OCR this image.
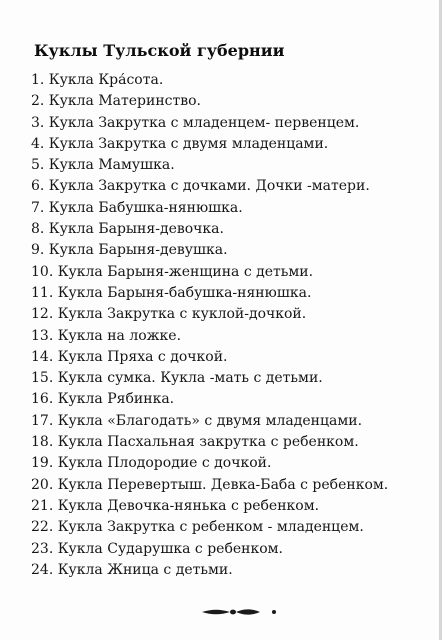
Куклы Тульской губернии
1. Кукла Кра́сота.
2. Кукла Материнство.
3. Кукла Закрутка с младенцем- первенцем.
4. Кукла Закрутка с двумя младенцами.
5. Кукла Мамушка.
6. Кукла Закрутка с дочками. Дочки -матери.
7. Кукла Бабушка-нянюшка.
8. Кукла Барыня-девочка.
9. Кукла Барыня-девушка.
10. Кукла Барыня-женщина с детьми.
11. Кукла Барыня-бабушка-нянюшка.
12. Кукла Закрутка с куклой-дочкой.
13. Кукла на ложке.
14. Кукла Пряха с дочкой.
15. Кукла сумка. Кукла -мать с детьми.
16. Кукла Рябинка.
17. Кукла «Благодать» с двумя младенцами.
18. Кукла Пасхальная закрутка с ребенком.
19. Кукла Плодородие с дочкой.
20. Кукла Перевертыш. Девка-Баба с ребенком.
21. Кукла Девочка-нянька с ребенком.
22. Кукла Закрутка с ребенком - младенцем.
23. Кукла Сударушка с ребенком.
24. Кукла Жница с детьми.
